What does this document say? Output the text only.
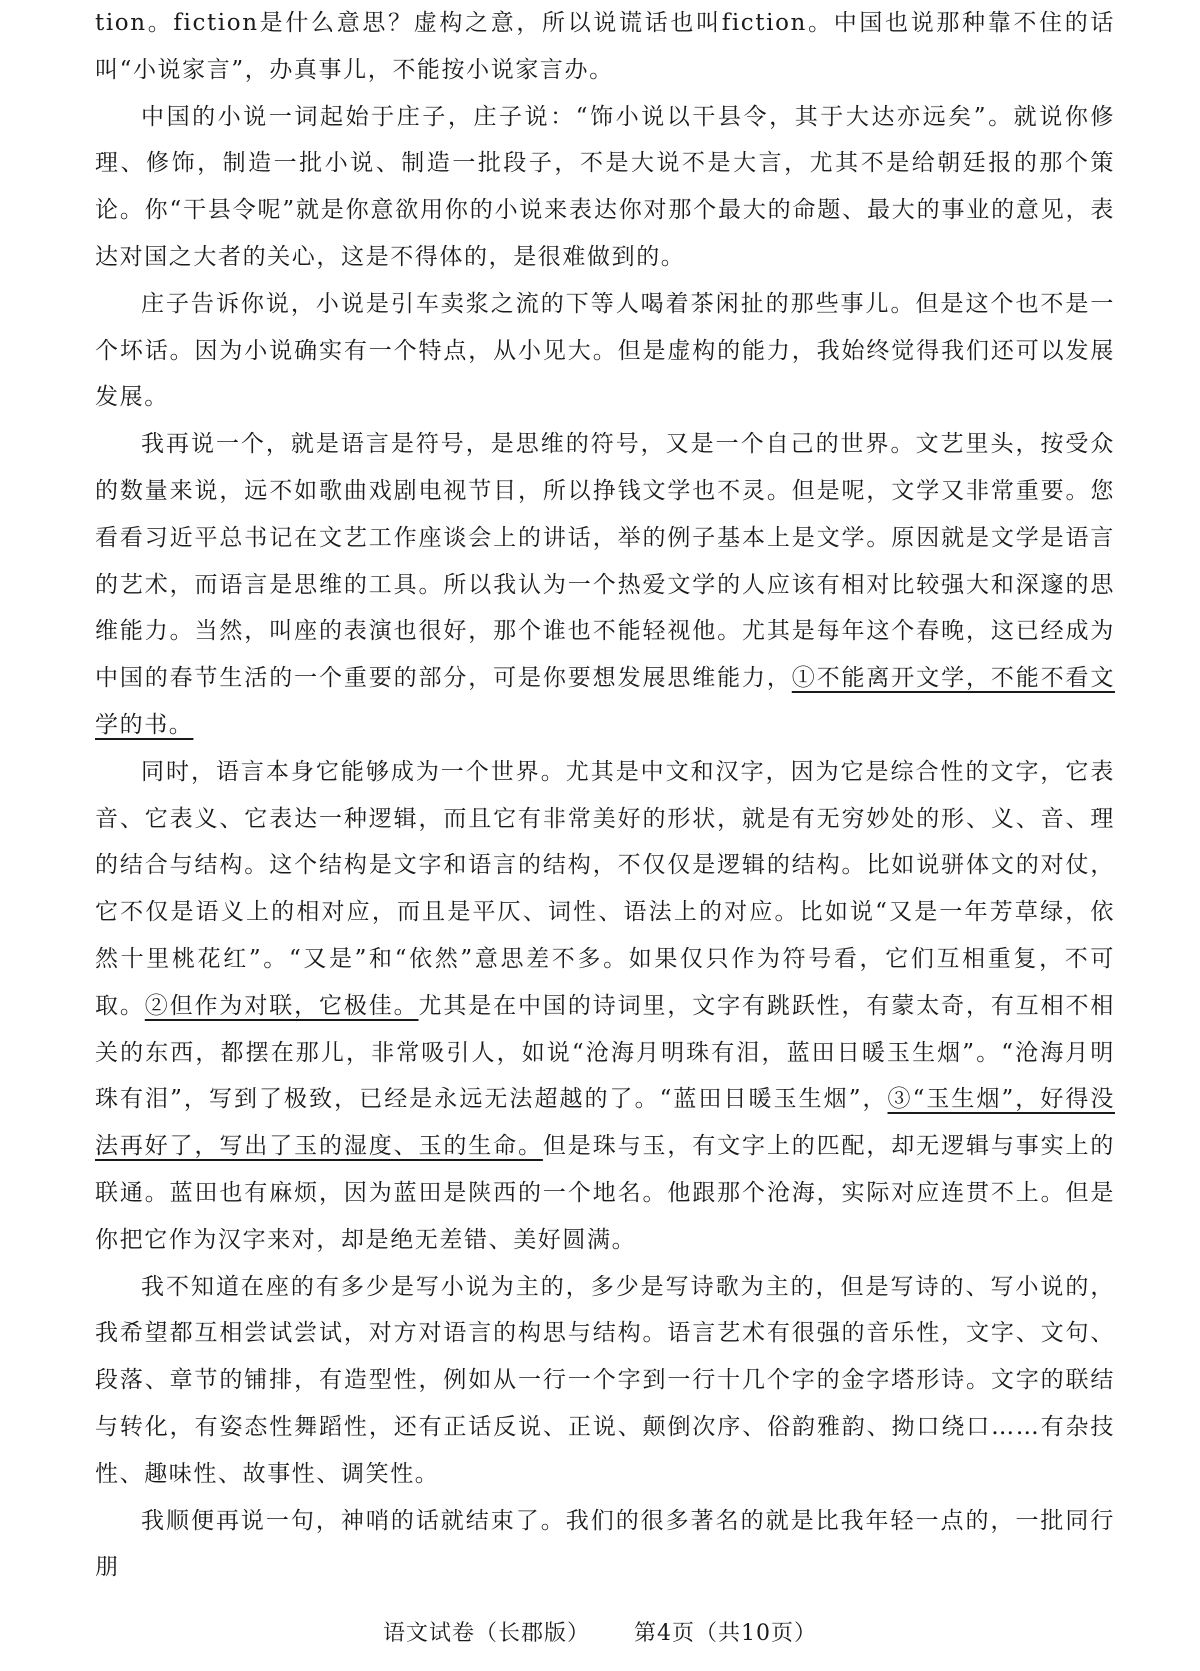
tion。fiction是什么意思？虚构之意，所以说谎话也叫fiction。中国也说那种靠不住的话叫“小说家言”，办真事儿，不能按小说家言办。

中国的小说一词起始于庄子，庄子说：“饰小说以干县令，其于大达亦远矣”。就说你修理、修饰，制造一批小说、制造一批段子，不是大说不是大言，尤其不是给朝廷报的那个策论。你“干县令呢”就是你意欲用你的小说来表达你对那个最大的命题、最大的事业的意见，表达对国之大者的关心，这是不得体的，是很难做到的。

庄子告诉你说，小说是引车卖浆之流的下等人喝着茶闲扯的那些事儿。但是这个也不是一个坏话。因为小说确实有一个特点，从小见大。但是虚构的能力，我始终觉得我们还可以发展发展。

我再说一个，就是语言是符号，是思维的符号，又是一个自己的世界。文艺里头，按受众的数量来说，远不如歌曲戏剧电视节目，所以挣钱文学也不灵。但是呢，文学又非常重要。您看看习近平总书记在文艺工作座谈会上的讲话，举的例子基本上是文学。原因就是文学是语言的艺术，而语言是思维的工具。所以我认为一个热爱文学的人应该有相对比较强大和深邃的思维能力。当然，叫座的表演也很好，那个谁也不能轻视他。尤其是每年这个春晚，这已经成为中国的春节生活的一个重要的部分，可是你要想发展思维能力，①不能离开文学，不能不看文学的书。

同时，语言本身它能够成为一个世界。尤其是中文和汉字，因为它是综合性的文字，它表音、它表义、它表达一种逻辑，而且它有非常美好的形状，就是有无穷妙处的形、义、音、理的结合与结构。这个结构是文字和语言的结构，不仅仅是逻辑的结构。比如说骈体文的对仗，它不仅是语义上的相对应，而且是平仄、词性、语法上的对应。比如说“又是一年芳草绿，依然十里桃花红”。“又是”和“依然”意思差不多。如果仅只作为符号看，它们互相重复，不可取。②但作为对联，它极佳。尤其是在中国的诗词里，文字有跳跃性，有蒙太奇，有互相不相关的东西，都摆在那儿，非常吸引人，如说“沧海月明珠有泪，蓝田日暖玉生烟”。“沧海月明珠有泪”，写到了极致，已经是永远无法超越的了。“蓝田日暖玉生烟”，③“玉生烟”，好得没法再好了，写出了玉的湿度、玉的生命。但是珠与玉，有文字上的匹配，却无逻辑与事实上的联通。蓝田也有麻烦，因为蓝田是陕西的一个地名。他跟那个沧海，实际对应连贯不上。但是你把它作为汉字来对，却是绝无差错、美好圆满。

我不知道在座的有多少是写小说为主的，多少是写诗歌为主的，但是写诗的、写小说的，我希望都互相尝试尝试，对方对语言的构思与结构。语言艺术有很强的音乐性，文字、文句、段落、章节的铺排，有造型性，例如从一行一个字到一行十几个字的金字塔形诗。文字的联结与转化，有姿态性舞蹈性，还有正话反说、正说、颠倒次序、俗韵雅韵、拗口绕口……有杂技性、趣味性、故事性、调笑性。

我顺便再说一句，神哨的话就结束了。我们的很多著名的就是比我年轻一点的，一批同行朋

语文试卷（长郡版） 第4页（共10页）
